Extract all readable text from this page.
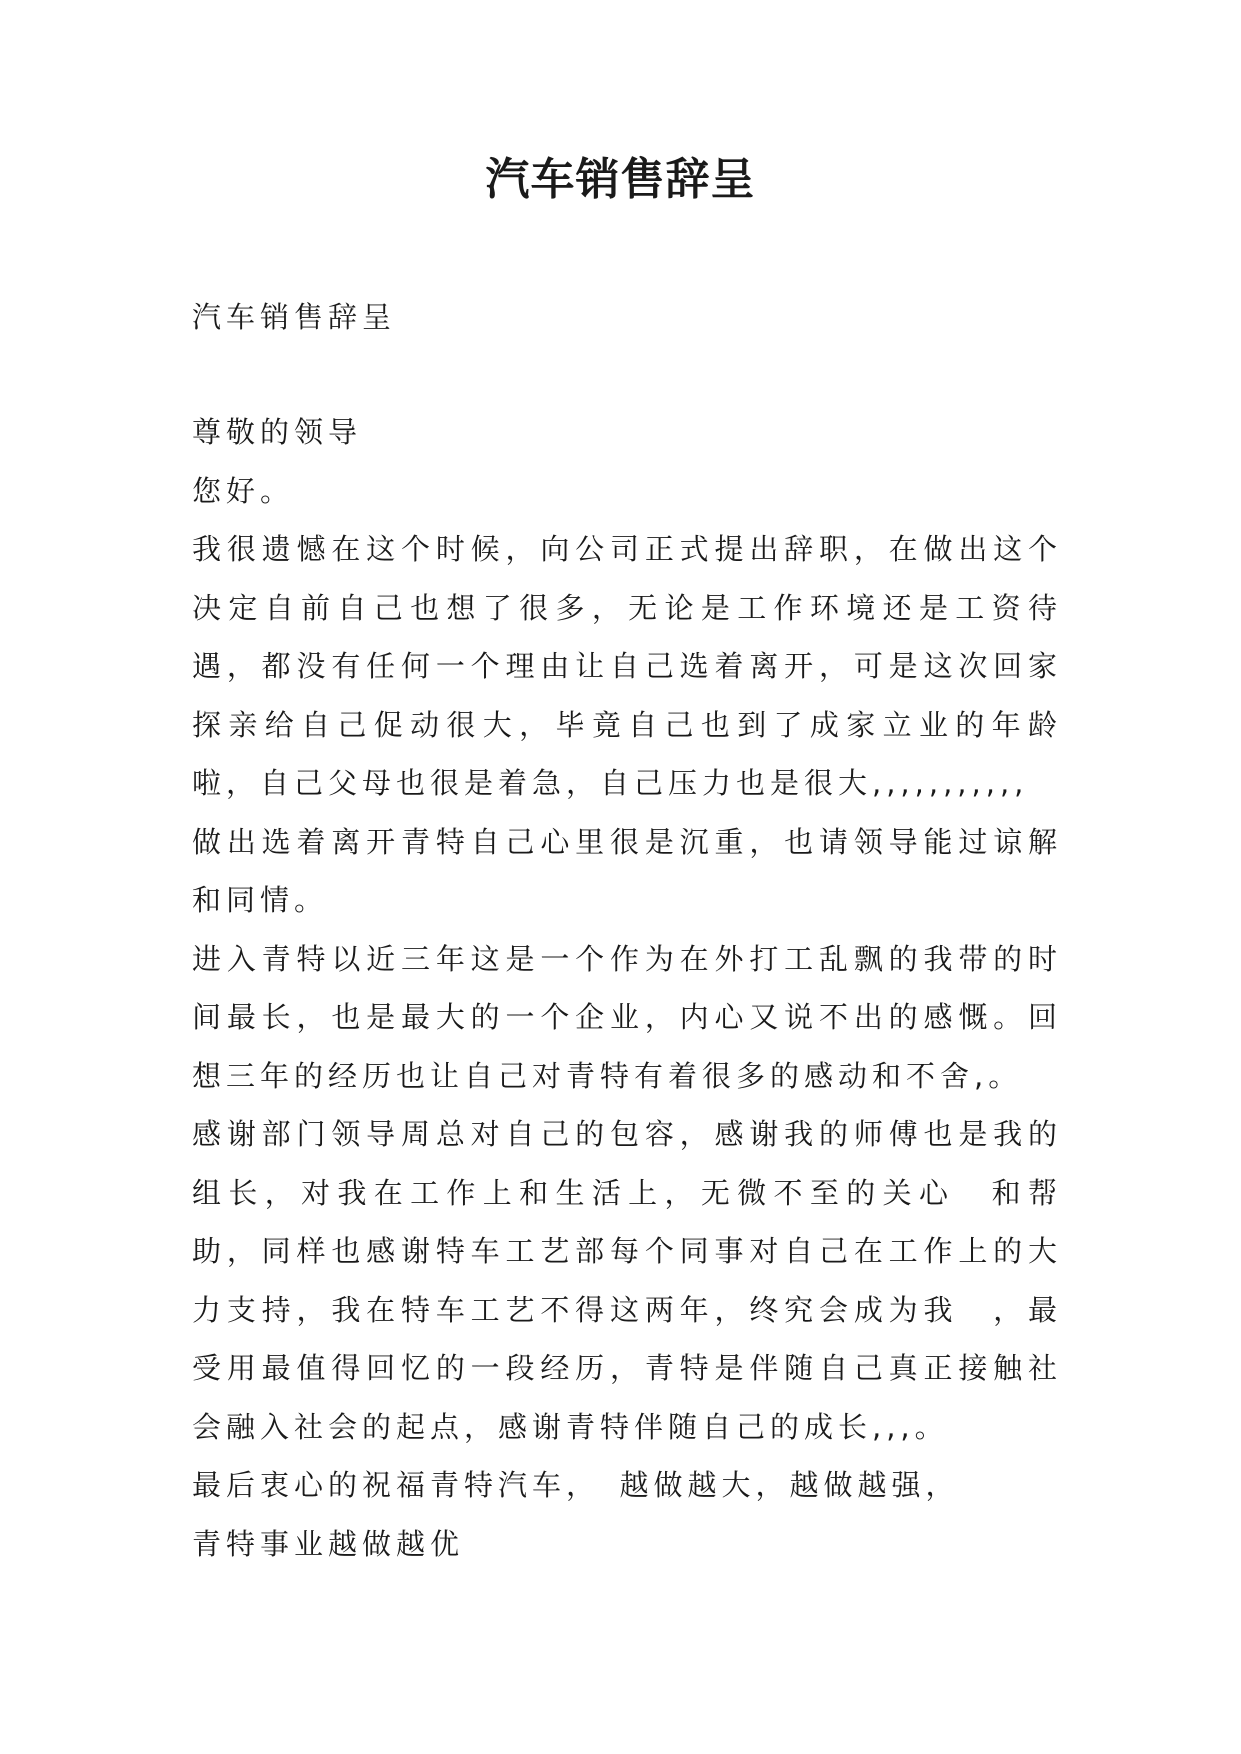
汽车销售辞呈

汽车销售辞呈

尊敬的领导

您好。

我很遗憾在这个时候，向公司正式提出辞职，在做出这个决定自前自己也想了很多，无论是工作环境还是工资待遇，都没有任何一个理由让自己选着离开，可是这次回家探亲给自己促动很大，毕竟自己也到了成家立业的年龄啦，自己父母也很是着急，自己压力也是很大,,,,,,,,,,,

做出选着离开青特自己心里很是沉重，也请领导能过谅解和同情。

进入青特以近三年这是一个作为在外打工乱飘的我带的时间最长，也是最大的一个企业，内心又说不出的感慨。回想三年的经历也让自己对青特有着很多的感动和不舍,。

感谢部门领导周总对自己的包容，感谢我的师傅也是我的组长，对我在工作上和生活上，无微不至的关心　和帮助，同样也感谢特车工艺部每个同事对自己在工作上的大力支持，我在特车工艺不得这两年，终究会成为我　，最受用最值得回忆的一段经历，青特是伴随自己真正接触社会融入社会的起点，感谢青特伴随自己的成长,,,。

最后衷心的祝福青特汽车，　越做越大，越做越强，

青特事业越做越优
